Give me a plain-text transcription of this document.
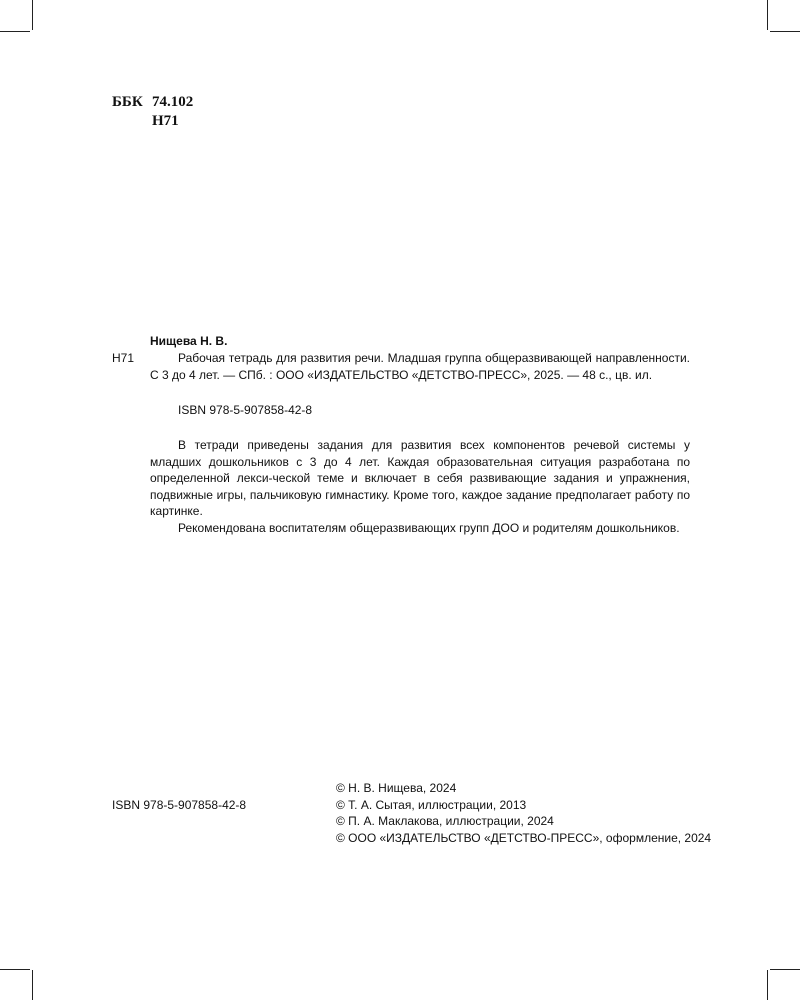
ББК 74.102
Н71
Нищева Н. В.
Н71	Рабочая тетрадь для развития речи. Младшая группа общеразвивающей направленности. С 3 до 4 лет. — СПб. : ООО «ИЗДАТЕЛЬСТВО «ДЕТСТВО-ПРЕСС», 2025. — 48 с., цв. ил.
ISBN 978-5-907858-42-8

В тетради приведены задания для развития всех компонентов речевой системы у младших дошкольников с 3 до 4 лет. Каждая образовательная ситуация разработана по определенной лекси-ческой теме и включает в себя развивающие задания и упражнения, подвижные игры, пальчиковую гимнастику. Кроме того, каждое задание предполагает работу по картинке.

Рекомендована воспитателям общеразвивающих групп ДОО и родителям дошкольников.

ISBN 978-5-907858-42-8
© Н. В. Нищева, 2024
© Т. А. Сытая, иллюстрации, 2013
© П. А. Маклакова, иллюстрации, 2024
© ООО «ИЗДАТЕЛЬСТВО «ДЕТСТВО-ПРЕСС», оформление, 2024
